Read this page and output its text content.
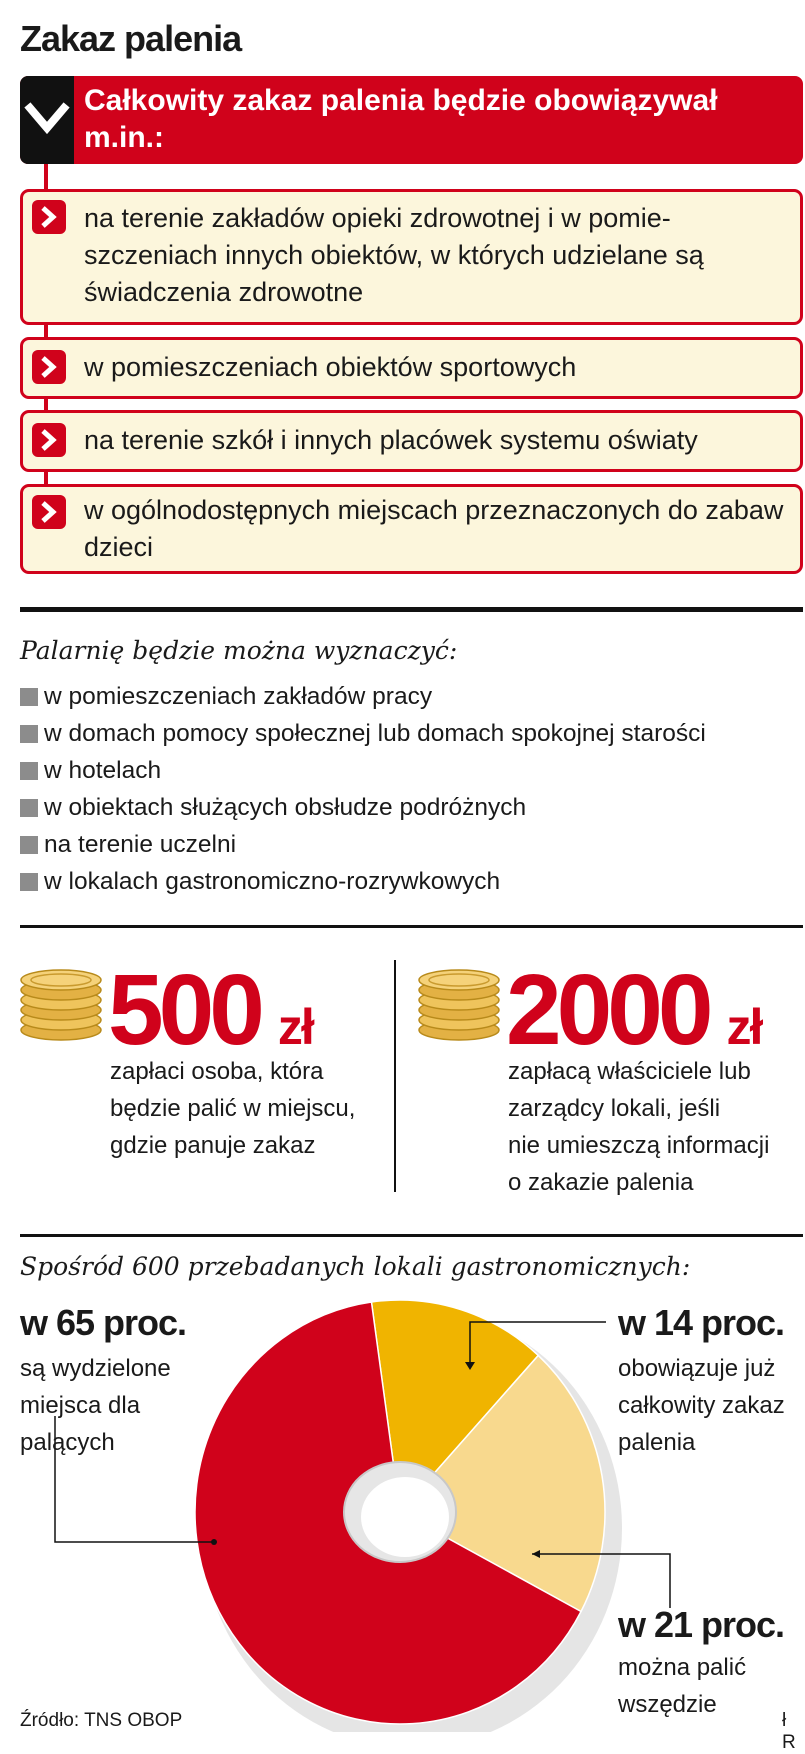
Zakaz palenia
Całkowity zakaz palenia będzie obowiązywał m.in.:
na terenie zakładów opieki zdrowotnej i w pomie-szczeniach innych obiektów, w których udzielane są świadczenia zdrowotne
w pomieszczeniach obiektów sportowych
na terenie szkół i innych placówek systemu oświaty
w ogólnodostępnych miejscach przeznaczonych do zabaw dzieci
Palarnię będzie można wyznaczyć:
w pomieszczeniach zakładów pracy
w domach pomocy społecznej lub domach spokojnej starości
w hotelach
w obiektach służących obsłudze podróżnych
na terenie uczelni
w lokalach gastronomiczno-rozrywkowych
500 zł
zapłaci osoba, która
będzie palić w miejscu,
gdzie panuje zakaz
2000 zł
zapłacą właściciele lub
zarządcy lokali, jeśli
nie umieszczą informacji
o zakazie palenia
Spośród 600 przebadanych lokali gastronomicznych:
w 65 proc.
są wydzielone
miejsca dla
palących
w 14 proc.
obowiązuje już
całkowity zakaz
palenia
w 21 proc.
można palić
wszędzie
Źródło: TNS OBOP	ł R
